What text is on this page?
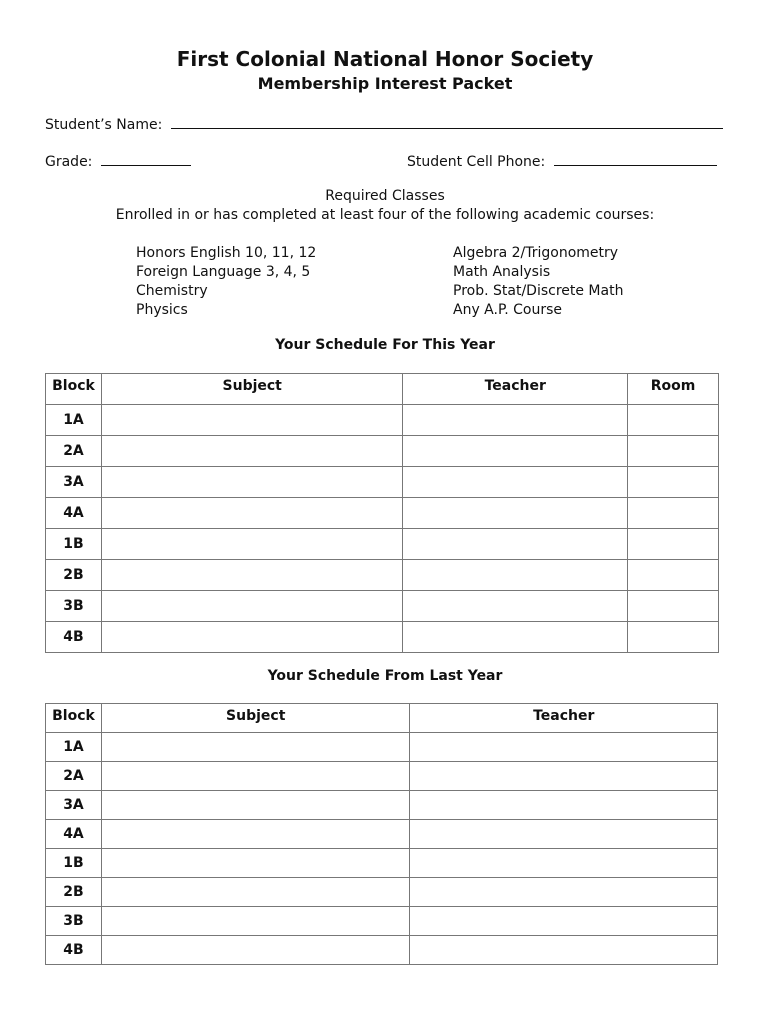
First Colonial National Honor Society
Membership Interest Packet
Student’s Name:
Grade:	Student Cell Phone:
Required Classes
Enrolled in or has completed at least four of the following academic courses:
Honors English 10, 11, 12
Foreign Language 3, 4, 5
Chemistry
Physics
Algebra 2/Trigonometry
Math Analysis
Prob. Stat/Discrete Math
Any A.P. Course
Your Schedule For This Year
Block	Subject	Teacher	Room
1A			
2A			
3A			
4A			
1B			
2B			
3B			
4B			
Your Schedule From Last Year
Block	Subject	Teacher
1A		
2A		
3A		
4A		
1B		
2B		
3B		
4B		
